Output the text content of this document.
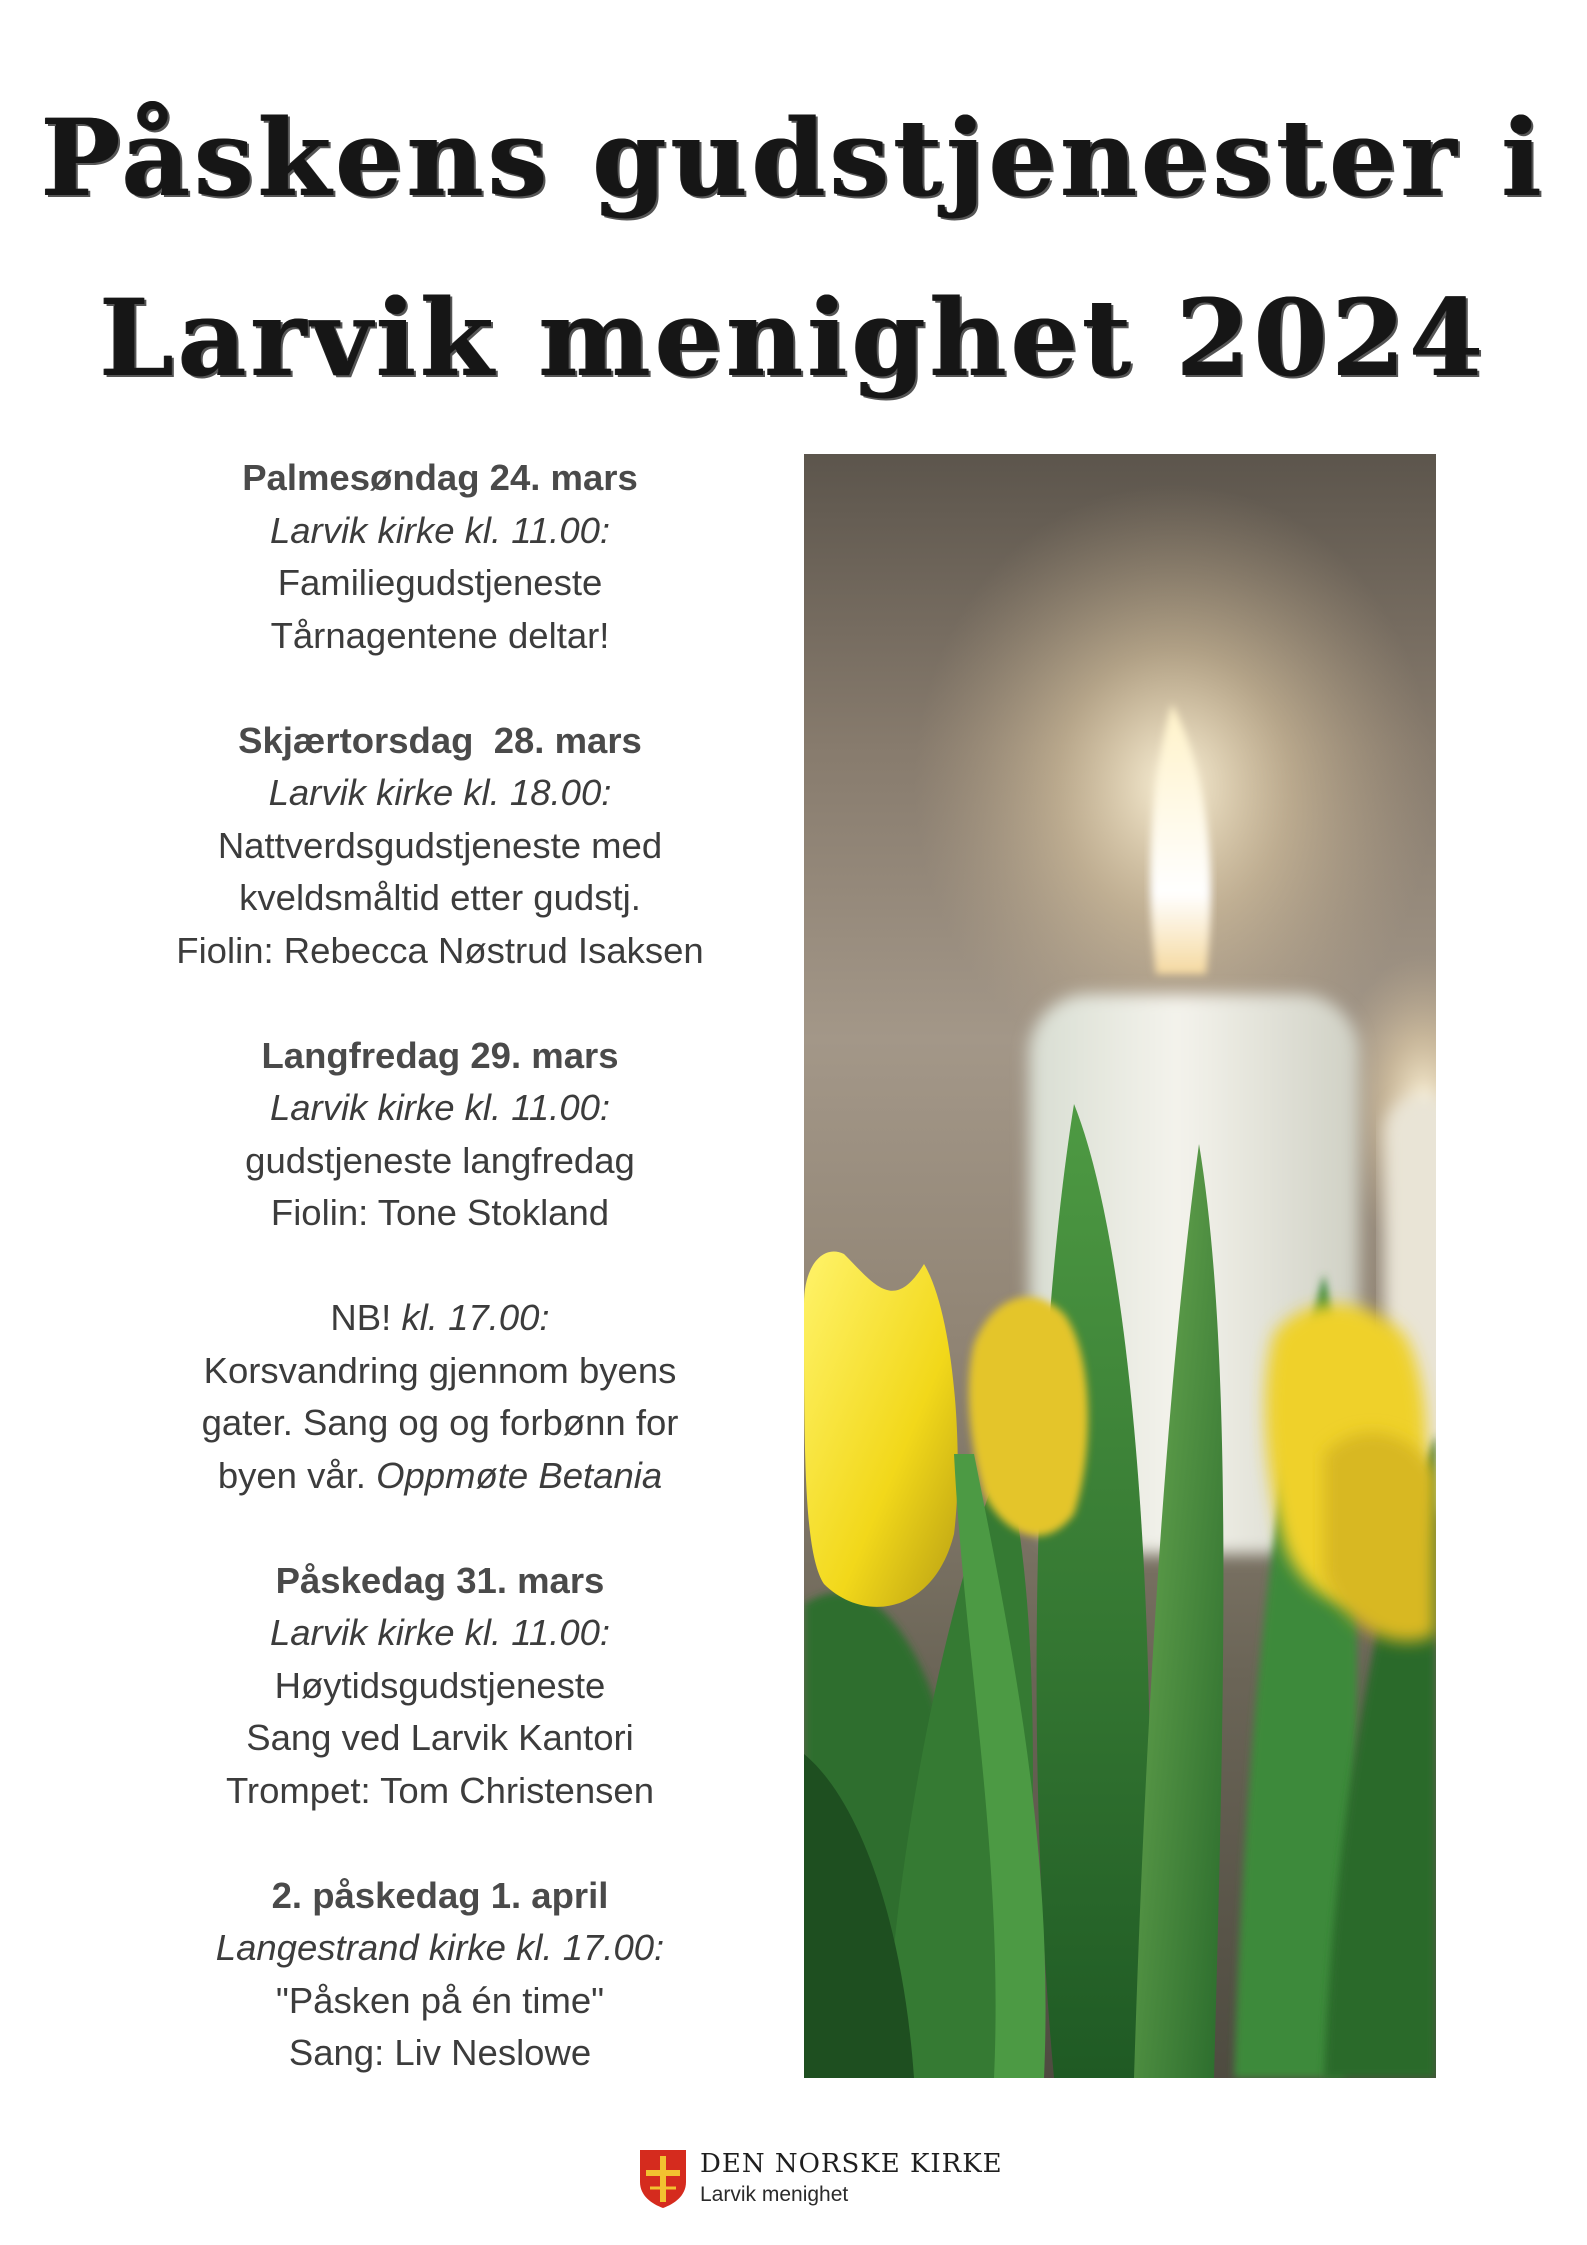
Påskens gudstjenester i
Larvik menighet 2024
Palmesøndag 24. mars
Larvik kirke kl. 11.00:
Familiegudstjeneste
Tårnagentene deltar!
Skjærtorsdag  28. mars
Larvik kirke kl. 18.00:
Nattverdsgudstjeneste med
kveldsmåltid etter gudstj.
Fiolin: Rebecca Nøstrud Isaksen
Langfredag 29. mars
Larvik kirke kl. 11.00:
gudstjeneste langfredag
Fiolin: Tone Stokland
NB! kl. 17.00:
Korsvandring gjennom byens
gater. Sang og og forbønn for
byen vår. Oppmøte Betania
Påskedag 31. mars
Larvik kirke kl. 11.00:
Høytidsgudstjeneste
Sang ved Larvik Kantori
Trompet: Tom Christensen
2. påskedag 1. april
Langestrand kirke kl. 17.00:
"Påsken på én time"
Sang: Liv Neslowe
DEN NORSKE KIRKE
Larvik menighet
